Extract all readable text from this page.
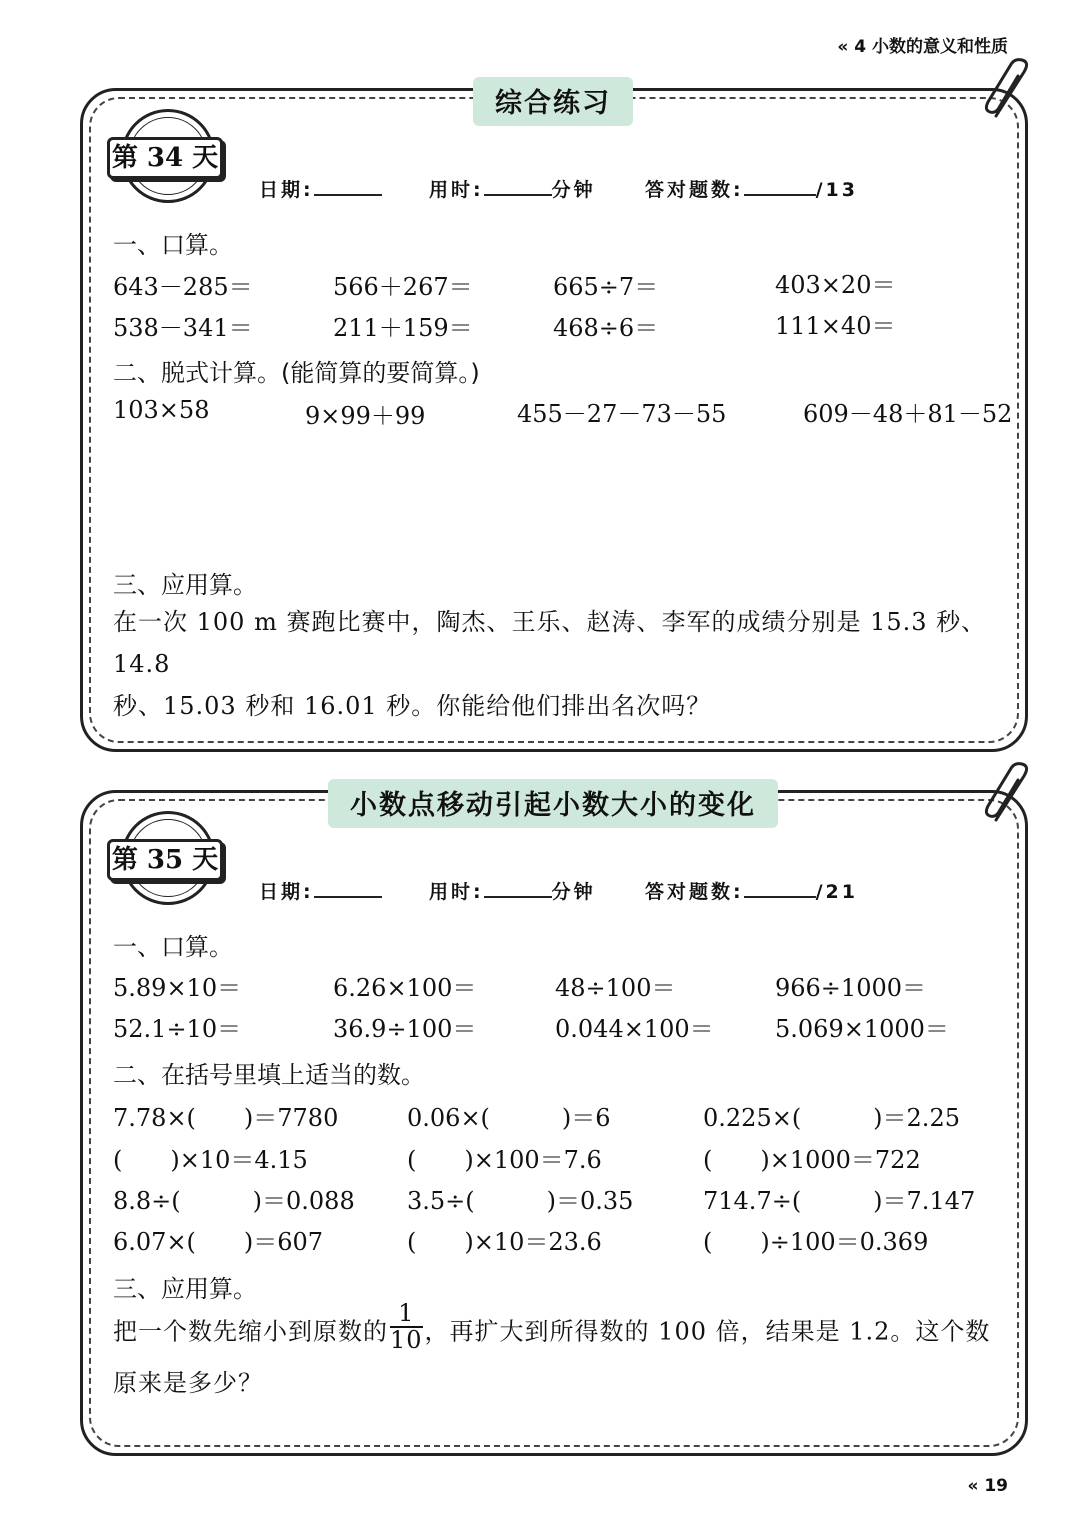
« 4 小数的意义和性质
« 19
综合练习
第 34 天
日期:	用时:	分钟	答对题数:	/13
一、口算。
643－285＝	566＋267＝	665÷7＝	403×20＝
538－341＝	211＋159＝	468÷6＝	111×40＝
二、脱式计算。(能简算的要简算。)
103×58	9×99＋99	455－27－73－55	609－48＋81－52
三、应用算。
在一次 100 m 赛跑比赛中，陶杰、王乐、赵涛、李军的成绩分别是 15.3 秒、14.8
秒、15.03 秒和 16.01 秒。你能给他们排出名次吗？
小数点移动引起小数大小的变化
第 35 天
日期:	用时:	分钟	答对题数:	/21
一、口算。
5.89×10＝	6.26×100＝	48÷100＝	966÷1000＝
52.1÷10＝	36.9÷100＝	0.044×100＝	5.069×1000＝
二、在括号里填上适当的数。
7.78×(　　)＝7780	0.06×(　　　)＝6	0.225×(　　　)＝2.25
(　　)×10＝4.15	(　　)×100＝7.6	(　　)×1000＝722
8.8÷(　　　)＝0.088 3.5÷(　　　)＝0.35	714.7÷(　　　)＝7.147
6.07×(　　)＝607	(　　)×10＝23.6	(　　)÷100＝0.369
三、应用算。
把一个数先缩小到原数的 $\frac{1}{10}$ ，再扩大到所得数的 100 倍，结果是 1.2。这个数
原来是多少？
